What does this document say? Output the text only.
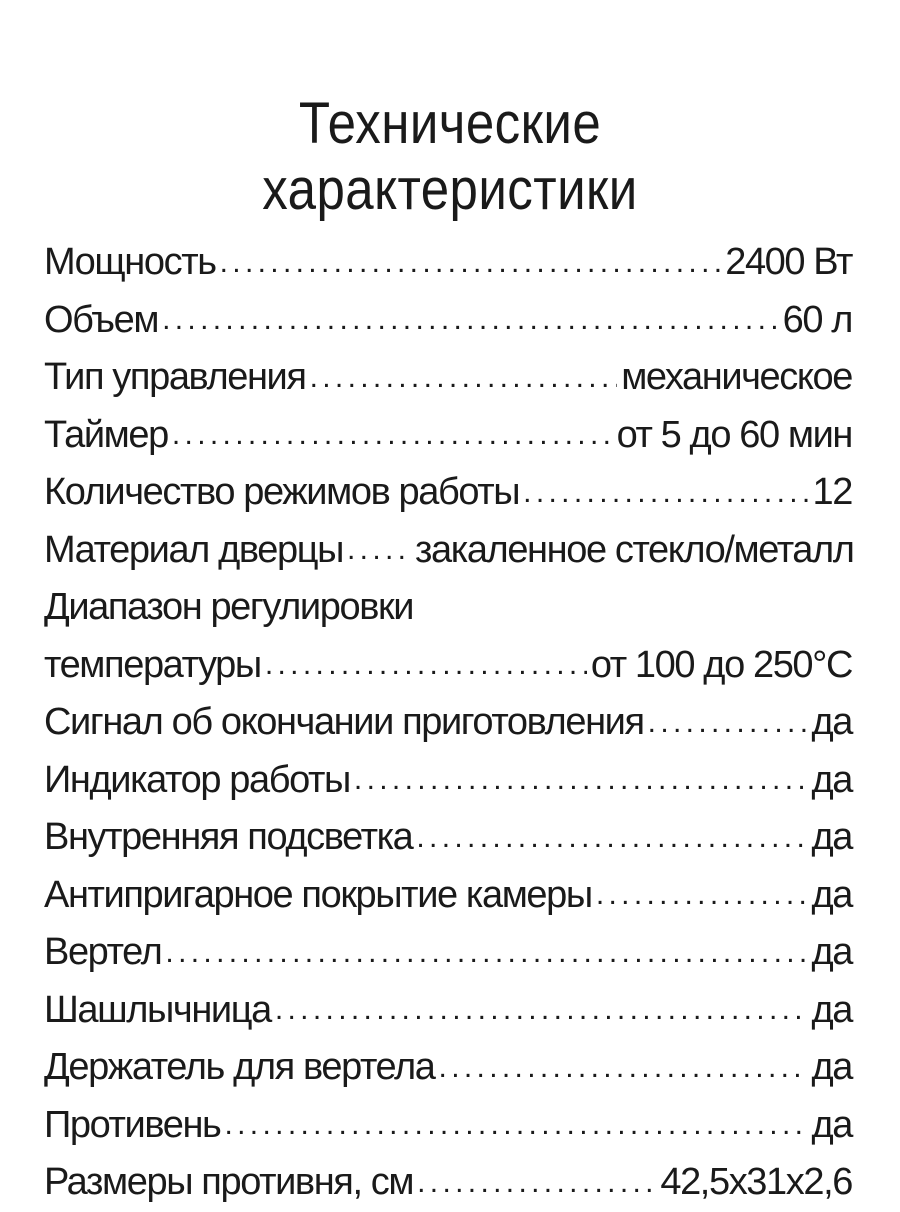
Технические
характеристики
Мощность . . .	2400 Вт
Объем . . .	60 л
Тип управления . . .	механическое
Таймер . . .	от 5 до 60 мин
Количество режимов работы . . .	12
Материал дверцы . . . закаленное стекло/металл
Диапазон регулировки
температуры . . .	от 100 до 250°С
Сигнал об окончании приготовления . . .	да
Индикатор работы . . .	да
Внутренняя подсветка . . .	да
Антипригарное покрытие камеры . . .	да
Вертел . . .	да
Шашлычница . . .	да
Держатель для вертела . . .	да
Противень . . .	да
Размеры противня, см . . .	42,5х31х2,6
